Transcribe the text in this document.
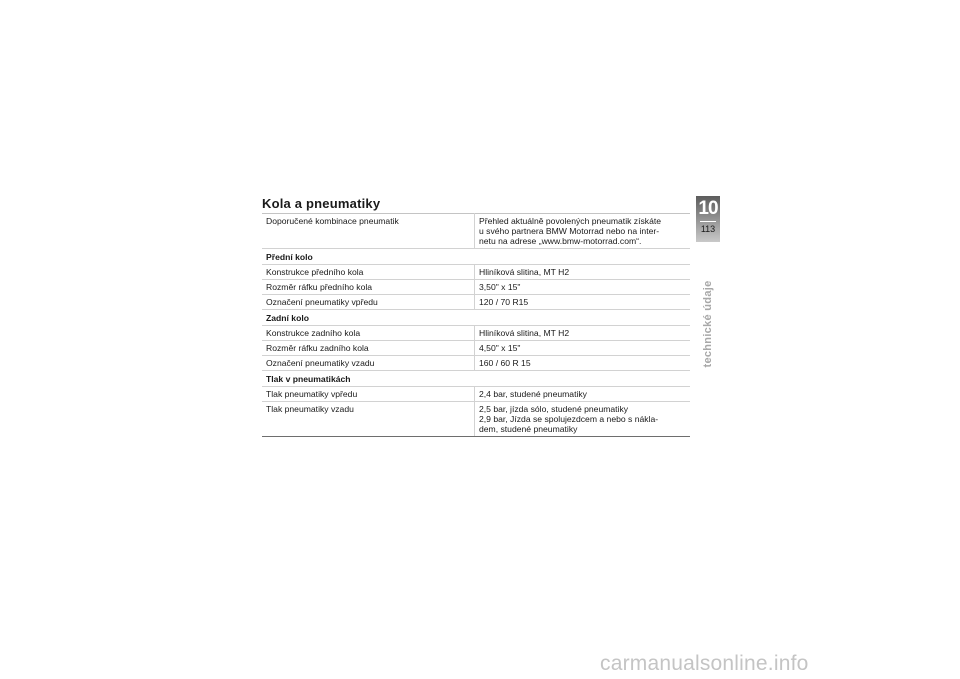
Kola a pneumatiky
Doporučené kombinace pneumatik	Přehled aktuálně povolených pneumatik získáte
u svého partnera BMW Motorrad nebo na inter-
netu na adrese „www.bmw-motorrad.com“.

Přední kolo	
Konstrukce předního kola	Hliníková slitina, MT H2

Rozměr ráfku předního kola	3,50" x 15"

Označení pneumatiky vpředu	120 / 70 R15

Zadní kolo	
Konstrukce zadního kola	Hliníková slitina, MT H2

Rozměr ráfku zadního kola	4,50" x 15"

Označení pneumatiky vzadu	160 / 60 R 15

Tlak v pneumatikách	
Tlak pneumatiky vpředu	2,4 bar, studené pneumatiky

Tlak pneumatiky vzadu	2,5 bar, jízda sólo, studené pneumatiky
2,9 bar, Jízda se spolujezdcem a nebo s nákla-
dem, studené pneumatiky
10
113
technické údaje
carmanualsonline.info
